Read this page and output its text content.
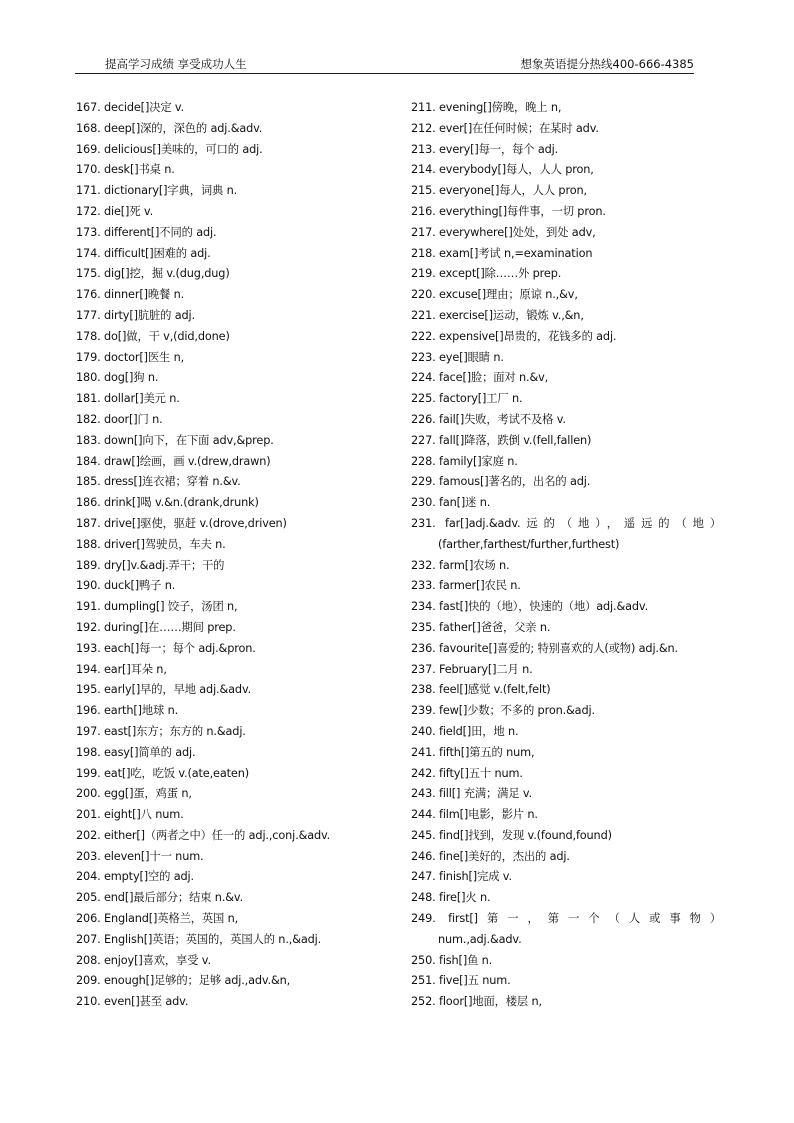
提高学习成绩 享受成功人生	想象英语提分热线400-666-4385
167. decide[]决定 v.
168. deep[]深的，深色的 adj.&adv.
169. delicious[]美味的，可口的 adj.
170. desk[]书桌 n.
171. dictionary[]字典，词典 n.
172. die[]死 v.
173. different[]不同的 adj.
174. difficult[]困难的 adj.
175. dig[]挖，掘 v.(dug,dug)
176. dinner[]晚餐 n.
177. dirty[]肮脏的 adj.
178. do[]做，干 v,(did,done)
179. doctor[]医生 n,
180. dog[]狗 n.
181. dollar[]美元 n.
182. door[]门 n.
183. down[]向下，在下面 adv,&prep.
184. draw[]绘画，画 v.(drew,drawn)
185. dress[]连衣裙；穿着 n.&v.
186. drink[]喝 v.&n.(drank,drunk)
187. drive[]驱使，驱赶 v.(drove,driven)
188. driver[]驾驶员，车夫 n.
189. dry[]v.&adj.弄干；干的
190. duck[]鸭子 n.
191. dumpling[] 饺子，汤团 n,
192. during[]在……期间 prep.
193. each[]每一；每个 adj.&pron.
194. ear[]耳朵 n,
195. early[]早的，早地 adj.&adv.
196. earth[]地球 n.
197. east[]东方；东方的 n.&adj.
198. easy[]简单的 adj.
199. eat[]吃，吃饭 v.(ate,eaten)
200. egg[]蛋，鸡蛋 n,
201. eight[]八 num.
202. either[]（两者之中）任一的 adj.,conj.&adv.
203. eleven[]十一 num.
204. empty[]空的 adj.
205. end[]最后部分；结束 n.&v.
206. England[]英格兰，英国 n,
207. English[]英语；英国的，英国人的 n.,&adj.
208. enjoy[]喜欢，享受 v.
209. enough[]足够的；足够 adj.,adv.&n,
210. even[]甚至 adv.
211. evening[]傍晚，晚上 n,
212. ever[]在任何时候；在某时 adv.
213. every[]每一，每个 adj.
214. everybody[]每人，人人 pron,
215. everyone[]每人，人人 pron,
216. everything[]每件事，一切 pron.
217. everywhere[]处处，到处 adv,
218. exam[]考试 n,=examination
219. except[]除……外 prep.
220. excuse[]理由；原谅 n.,&v,
221. exercise[]运动，锻炼 v.,&n,
222. expensive[]昂贵的，花钱多的 adj.
223. eye[]眼睛 n.
224. face[]脸；面对 n.&v,
225. factory[]工厂 n.
226. fail[]失败，考试不及格 v.
227. fall[]降落，跌倒 v.(fell,fallen)
228. family[]家庭 n.
229. famous[]著名的，出名的 adj.
230. fan[]迷 n.
231. far[]adj.&adv.远的（地），遥远的（地）
(farther,farthest/further,furthest)
232. farm[]农场 n.
233. farmer[]农民 n.
234. fast[]快的（地），快速的（地）adj.&adv.
235. father[]爸爸，父亲 n.
236. favourite[]喜爱的; 特别喜欢的人(或物) adj.&n.
237. February[]二月 n.
238. feel[]感觉 v.(felt,felt)
239. few[]少数；不多的 pron.&adj.
240. field[]田，地 n.
241. fifth[]第五的 num,
242. fifty[]五十 num.
243. fill[] 充满；满足 v.
244. film[]电影，影片 n.
245. find[]找到，发现 v.(found,found)
246. fine[]美好的，杰出的 adj.
247. finish[]完成 v.
248. fire[]火 n.
249. first[]第一，第一个（人或事物）
num.,adj.&adv.
250. fish[]鱼 n.
251. five[]五 num.
252. floor[]地面，楼层 n,
